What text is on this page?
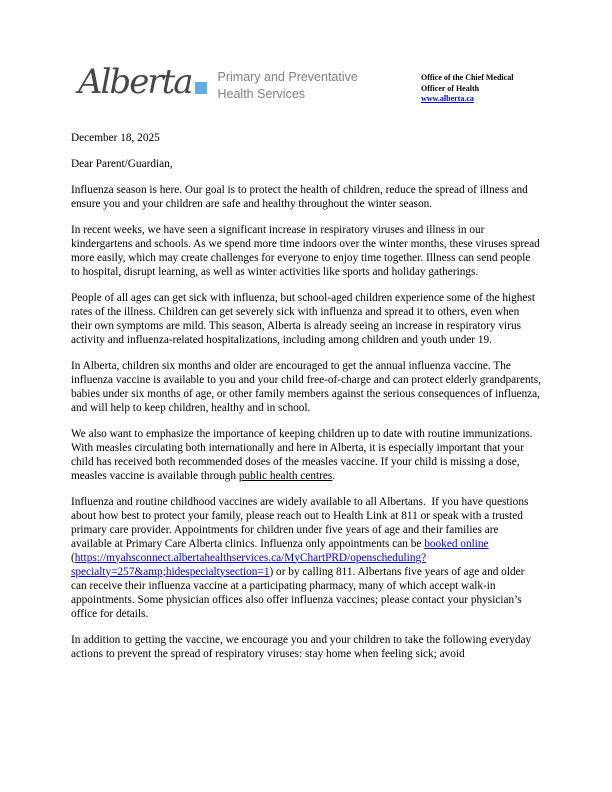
Alberta Primary and Preventative
Health Services
Office of the Chief Medical
Officer of Health
www.alberta.ca

December 18, 2025

Dear Parent/Guardian,

Influenza season is here. Our goal is to protect the health of children, reduce the spread of illness and ensure you and your children are safe and healthy throughout the winter season.

In recent weeks, we have seen a significant increase in respiratory viruses and illness in our kindergartens and schools. As we spend more time indoors over the winter months, these viruses spread more easily, which may create challenges for everyone to enjoy time together. Illness can send people to hospital, disrupt learning, as well as winter activities like sports and holiday gatherings.

People of all ages can get sick with influenza, but school-aged children experience some of the highest rates of the illness. Children can get severely sick with influenza and spread it to others, even when their own symptoms are mild. This season, Alberta is already seeing an increase in respiratory virus activity and influenza-related hospitalizations, including among children and youth under 19.

In Alberta, children six months and older are encouraged to get the annual influenza vaccine. The influenza vaccine is available to you and your child free-of-charge and can protect elderly grandparents, babies under six months of age, or other family members against the serious consequences of influenza, and will help to keep children, healthy and in school.

We also want to emphasize the importance of keeping children up to date with routine immunizations. With measles circulating both internationally and here in Alberta, it is especially important that your child has received both recommended doses of the measles vaccine. If your child is missing a dose, measles vaccine is available through public health centres.

Influenza and routine childhood vaccines are widely available to all Albertans.  If you have questions about how best to protect your family, please reach out to Health Link at 811 or speak with a trusted primary care provider. Appointments for children under five years of age and their families are available at Primary Care Alberta clinics. Influenza only appointments can be booked online (https://myahsconnect.albertahealthservices.ca/MyChartPRD/openscheduling?specialty=257&amp;hidespecialtysection=1) or by calling 811. Albertans five years of age and older can receive their influenza vaccine at a participating pharmacy, many of which accept walk-in appointments. Some physician offices also offer influenza vaccines; please contact your physician’s office for details.

In addition to getting the vaccine, we encourage you and your children to take the following everyday actions to prevent the spread of respiratory viruses: stay home when feeling sick; avoid
